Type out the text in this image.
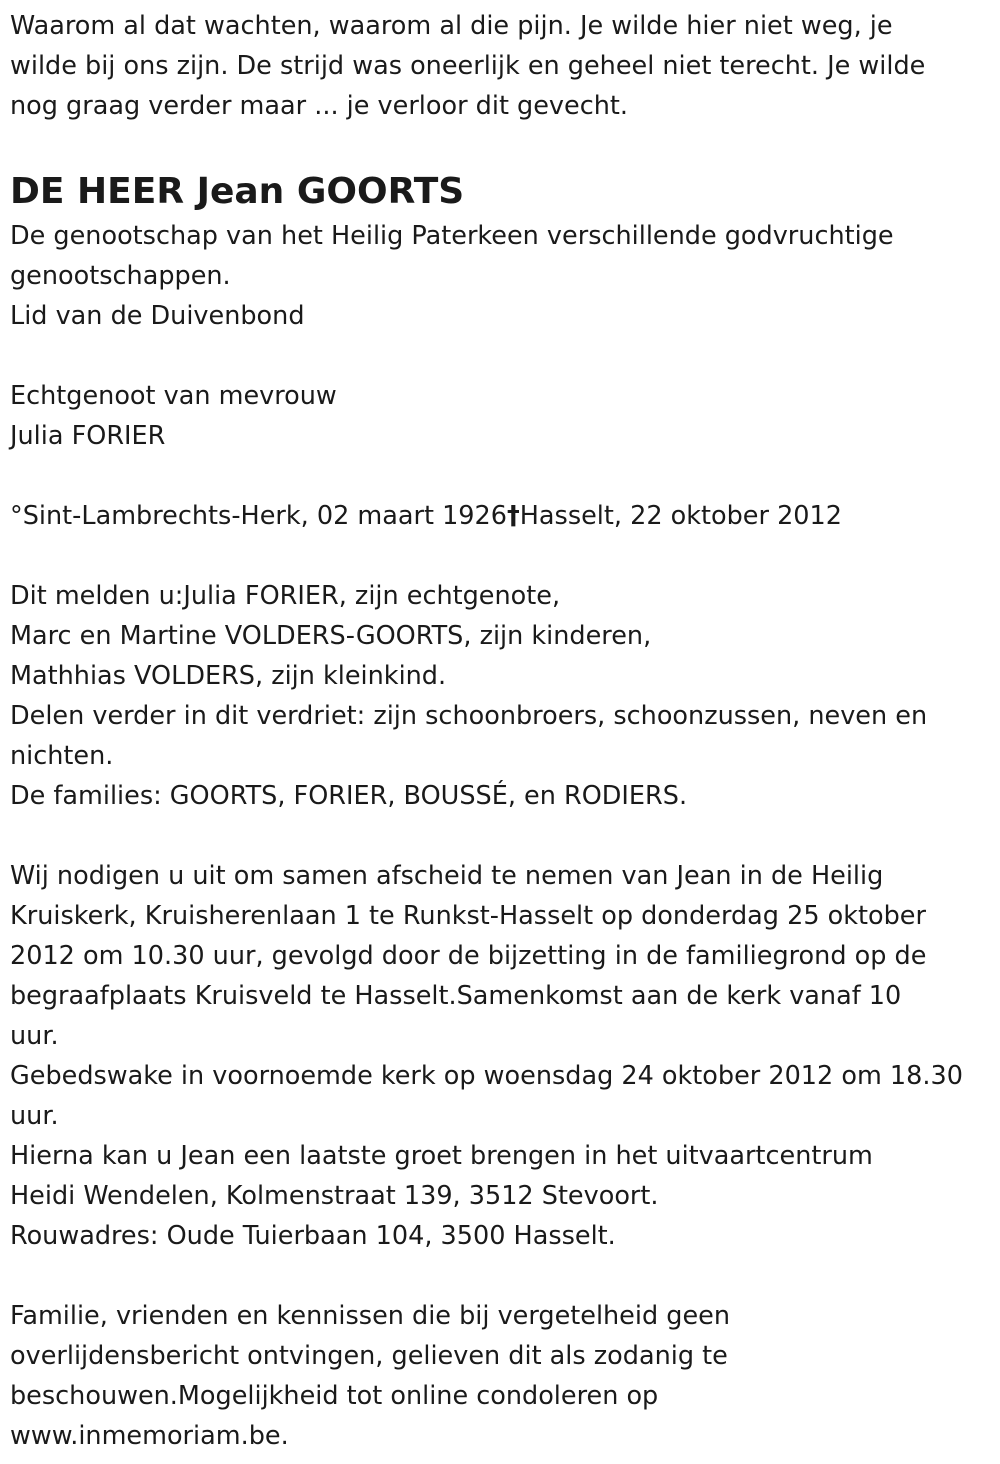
Waarom al dat wachten, waarom al die pijn. Je wilde hier niet weg, je
wilde bij ons zijn. De strijd was oneerlijk en geheel niet terecht. Je wilde
nog graag verder maar ... je verloor dit gevecht.
DE HEER Jean GOORTS
De genootschap van het Heilig Paterkeen verschillende godvruchtige
genootschappen.
Lid van de Duivenbond
Echtgenoot van mevrouw
Julia FORIER
°Sint-Lambrechts-Herk, 02 maart 1926†Hasselt, 22 oktober 2012
Dit melden u:Julia FORIER, zijn echtgenote,
Marc en Martine VOLDERS-GOORTS, zijn kinderen,
Mathhias VOLDERS, zijn kleinkind.
Delen verder in dit verdriet: zijn schoonbroers, schoonzussen, neven en
nichten.
De families: GOORTS, FORIER, BOUSSÉ, en RODIERS.
Wij nodigen u uit om samen afscheid te nemen van Jean in de Heilig
Kruiskerk, Kruisherenlaan 1 te Runkst-Hasselt op donderdag 25 oktober
2012 om 10.30 uur, gevolgd door de bijzetting in de familiegrond op de
begraafplaats Kruisveld te Hasselt.Samenkomst aan de kerk vanaf 10
uur.
Gebedswake in voornoemde kerk op woensdag 24 oktober 2012 om 18.30
uur.
Hierna kan u Jean een laatste groet brengen in het uitvaartcentrum
Heidi Wendelen, Kolmenstraat 139, 3512 Stevoort.
Rouwadres: Oude Tuierbaan 104, 3500 Hasselt.
Familie, vrienden en kennissen die bij vergetelheid geen
overlijdensbericht ontvingen, gelieven dit als zodanig te
beschouwen.Mogelijkheid tot online condoleren op
www.inmemoriam.be.
